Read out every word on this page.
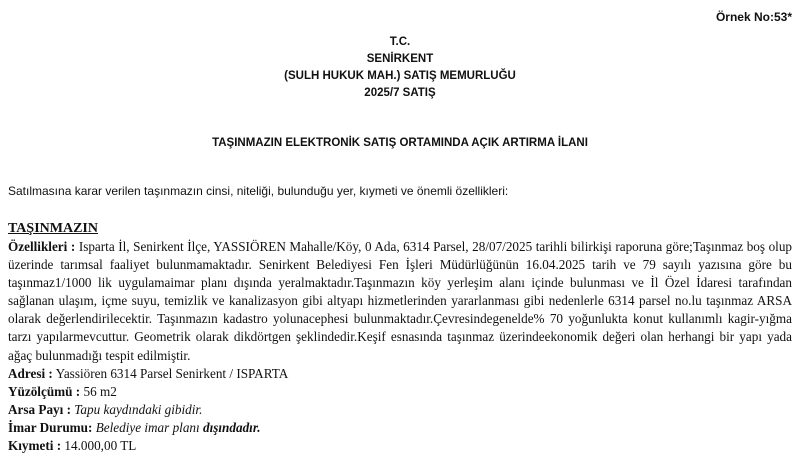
Örnek No:53*
T.C.
SENİRKENT
(SULH HUKUK MAH.) SATIŞ MEMURLUĞU
2025/7 SATIŞ
TAŞINMAZIN ELEKTRONİK SATIŞ ORTAMINDA AÇIK ARTIRMA İLANI
Satılmasına karar verilen taşınmazın cinsi, niteliği, bulunduğu yer, kıymeti ve önemli özellikleri:
TAŞINMAZIN
Özellikleri : Isparta İl, Senirkent İlçe, YASSIÖREN Mahalle/Köy, 0 Ada, 6314 Parsel, 28/07/2025 tarihli bilirkişi raporuna göre;Taşınmaz boş olup üzerinde tarımsal faaliyet bulunmamaktadır. Senirkent Belediyesi Fen İşleri Müdürlüğünün 16.04.2025 tarih ve 79 sayılı yazısına göre bu taşınmaz1/1000 lik uygulamaimar planı dışında yeralmaktadır.Taşınmazın köy yerleşim alanı içinde bulunması ve İl Özel İdaresi tarafından sağlanan ulaşım, içme suyu, temizlik ve kanalizasyon gibi altyapı hizmetlerinden yararlanması gibi nedenlerle 6314 parsel no.lu taşınmaz ARSA olarak değerlendirilecektir. Taşınmazın kadastro yolunacephesi bulunmaktadır.Çevresindegenelde% 70 yoğunlukta konut kullanımlı kagir-yığma tarzı yapılarmevcuttur. Geometrik olarak dikdörtgen şeklindedir.Keşif esnasında taşınmaz üzerindeekonomik değeri olan herhangi bir yapı yada ağaç bulunmadığı tespit edilmiştir.
Adresi : Yassiören 6314 Parsel Senirkent / ISPARTA
Yüzölçümü : 56 m2
Arsa Payı : Tapu kaydındaki gibidir.
İmar Durumu: Belediye imar planı dışındadır.
Kıymeti : 14.000,00 TL
